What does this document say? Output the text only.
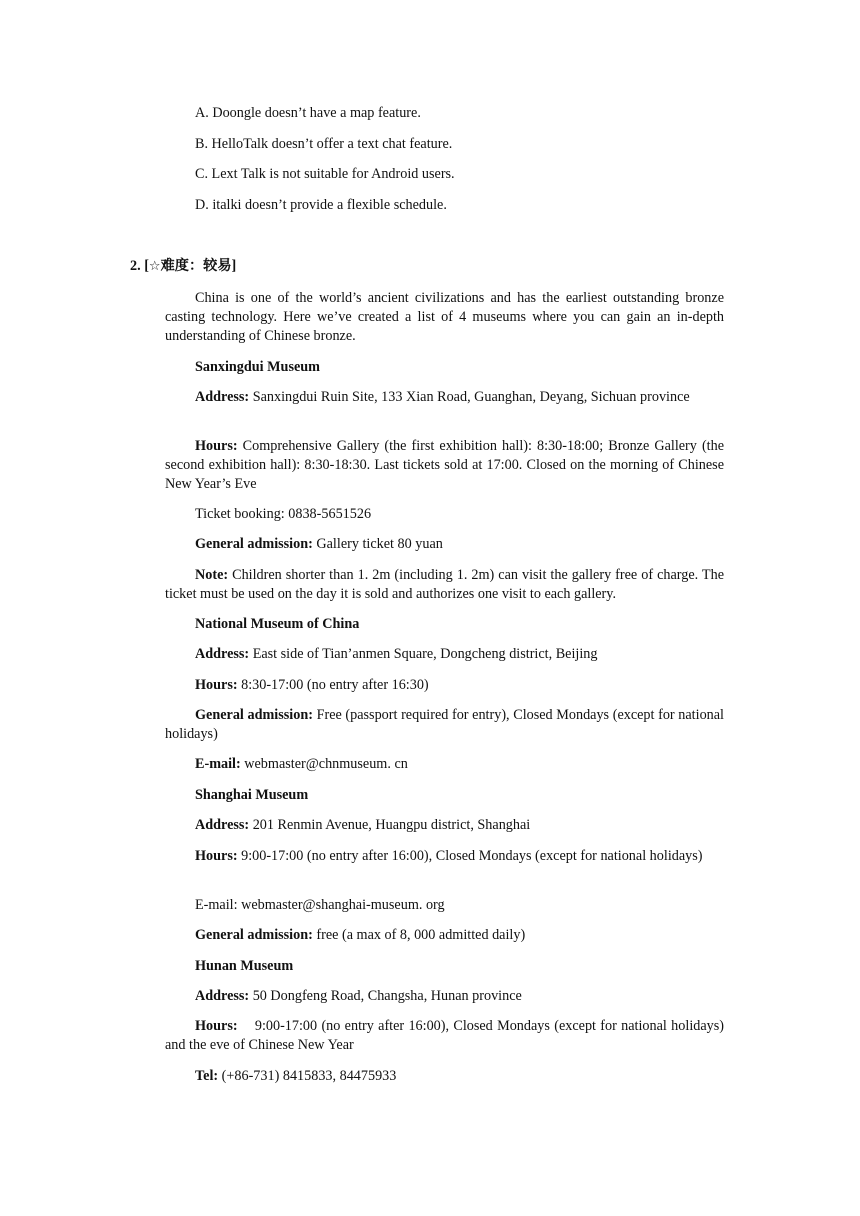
A. Doongle doesn’t have a map feature.
B. HelloTalk doesn’t offer a text chat feature.
C. Lext Talk is not suitable for Android users.
D. italki doesn’t provide a flexible schedule.
2. [☆难度：较易]
China is one of the world’s ancient civilizations and has the earliest outstanding bronze casting technology. Here we’ve created a list of 4 museums where you can gain an in-depth understanding of Chinese bronze.
Sanxingdui Museum
Address: Sanxingdui Ruin Site, 133 Xian Road, Guanghan, Deyang, Sichuan province
Hours: Comprehensive Gallery (the first exhibition hall): 8:30-18:00; Bronze Gallery (the second exhibition hall): 8:30-18:30. Last tickets sold at 17:00. Closed on the morning of Chinese New Year’s Eve
Ticket booking: 0838-5651526
General admission: Gallery ticket 80 yuan
Note: Children shorter than 1. 2m (including 1. 2m) can visit the gallery free of charge. The ticket must be used on the day it is sold and authorizes one visit to each gallery.
National Museum of China
Address: East side of Tian’anmen Square, Dongcheng district, Beijing
Hours: 8:30-17:00 (no entry after 16:30)
General admission: Free (passport required for entry), Closed Mondays (except for national holidays)
E-mail: webmaster@chnmuseum. cn
Shanghai Museum
Address: 201 Renmin Avenue, Huangpu district, Shanghai
Hours: 9:00-17:00 (no entry after 16:00), Closed Mondays (except for national holidays)
E-mail: webmaster@shanghai-museum. org
General admission: free (a max of 8, 000 admitted daily)
Hunan Museum
Address: 50 Dongfeng Road, Changsha, Hunan province
Hours:    9:00-17:00 (no entry after 16:00), Closed Mondays (except for national holidays) and the eve of Chinese New Year
Tel: (+86-731) 8415833, 84475933
